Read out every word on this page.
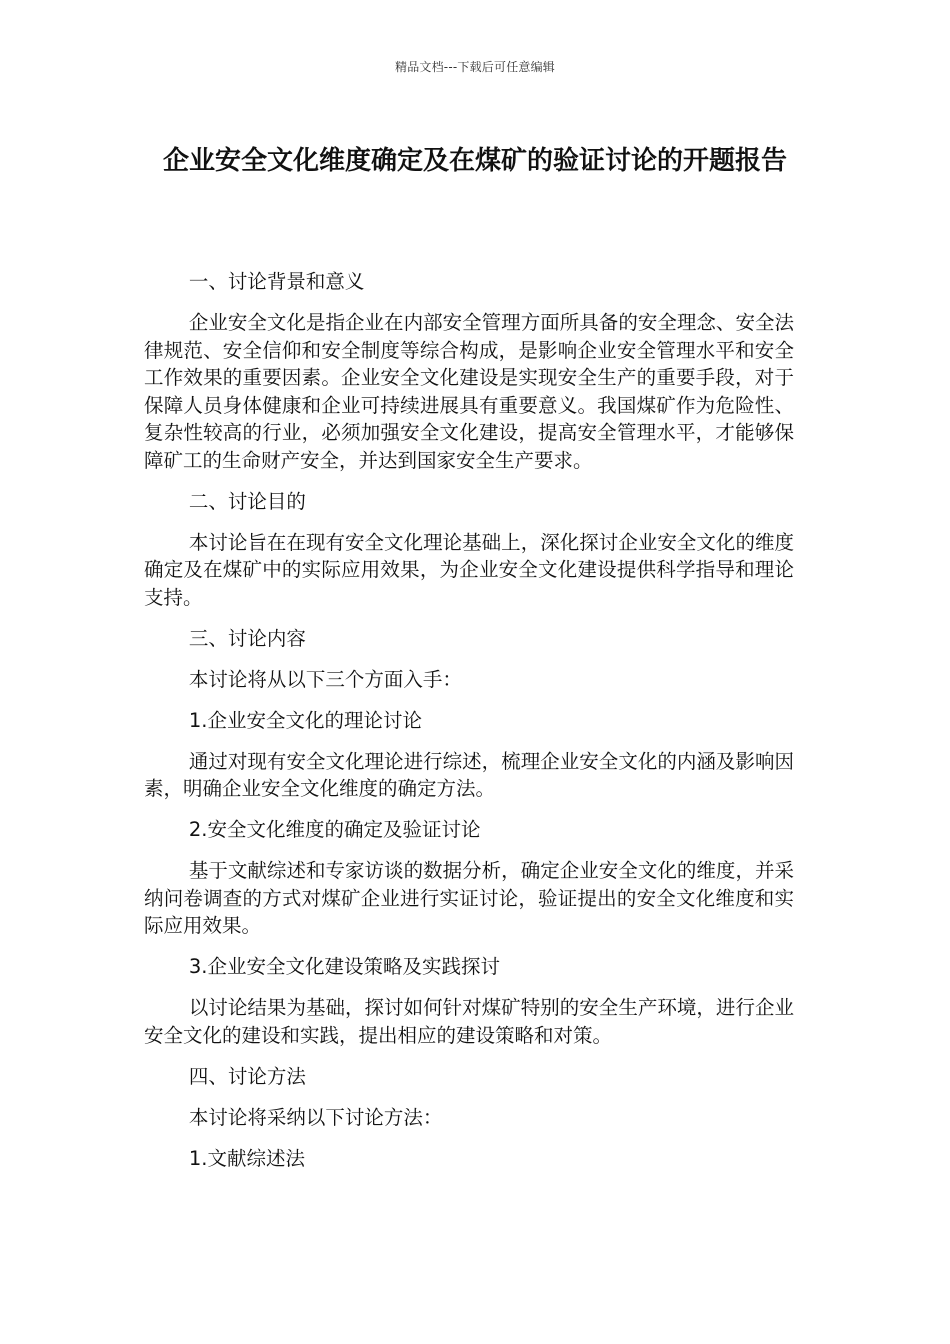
精品文档---下载后可任意编辑
企业安全文化维度确定及在煤矿的验证讨论的开题报告

一、讨论背景和意义

企业安全文化是指企业在内部安全管理方面所具备的安全理念、安全法律规范、安全信仰和安全制度等综合构成，是影响企业安全管理水平和安全工作效果的重要因素。企业安全文化建设是实现安全生产的重要手段，对于保障人员身体健康和企业可持续进展具有重要意义。我国煤矿作为危险性、复杂性较高的行业，必须加强安全文化建设，提高安全管理水平，才能够保障矿工的生命财产安全，并达到国家安全生产要求。

二、讨论目的

本讨论旨在在现有安全文化理论基础上，深化探讨企业安全文化的维度确定及在煤矿中的实际应用效果，为企业安全文化建设提供科学指导和理论支持。

三、讨论内容

本讨论将从以下三个方面入手：

1.企业安全文化的理论讨论

通过对现有安全文化理论进行综述，梳理企业安全文化的内涵及影响因素，明确企业安全文化维度的确定方法。

2.安全文化维度的确定及验证讨论

基于文献综述和专家访谈的数据分析，确定企业安全文化的维度，并采纳问卷调查的方式对煤矿企业进行实证讨论，验证提出的安全文化维度和实际应用效果。

3.企业安全文化建设策略及实践探讨

以讨论结果为基础，探讨如何针对煤矿特别的安全生产环境，进行企业安全文化的建设和实践，提出相应的建设策略和对策。

四、讨论方法

本讨论将采纳以下讨论方法：

1.文献综述法
